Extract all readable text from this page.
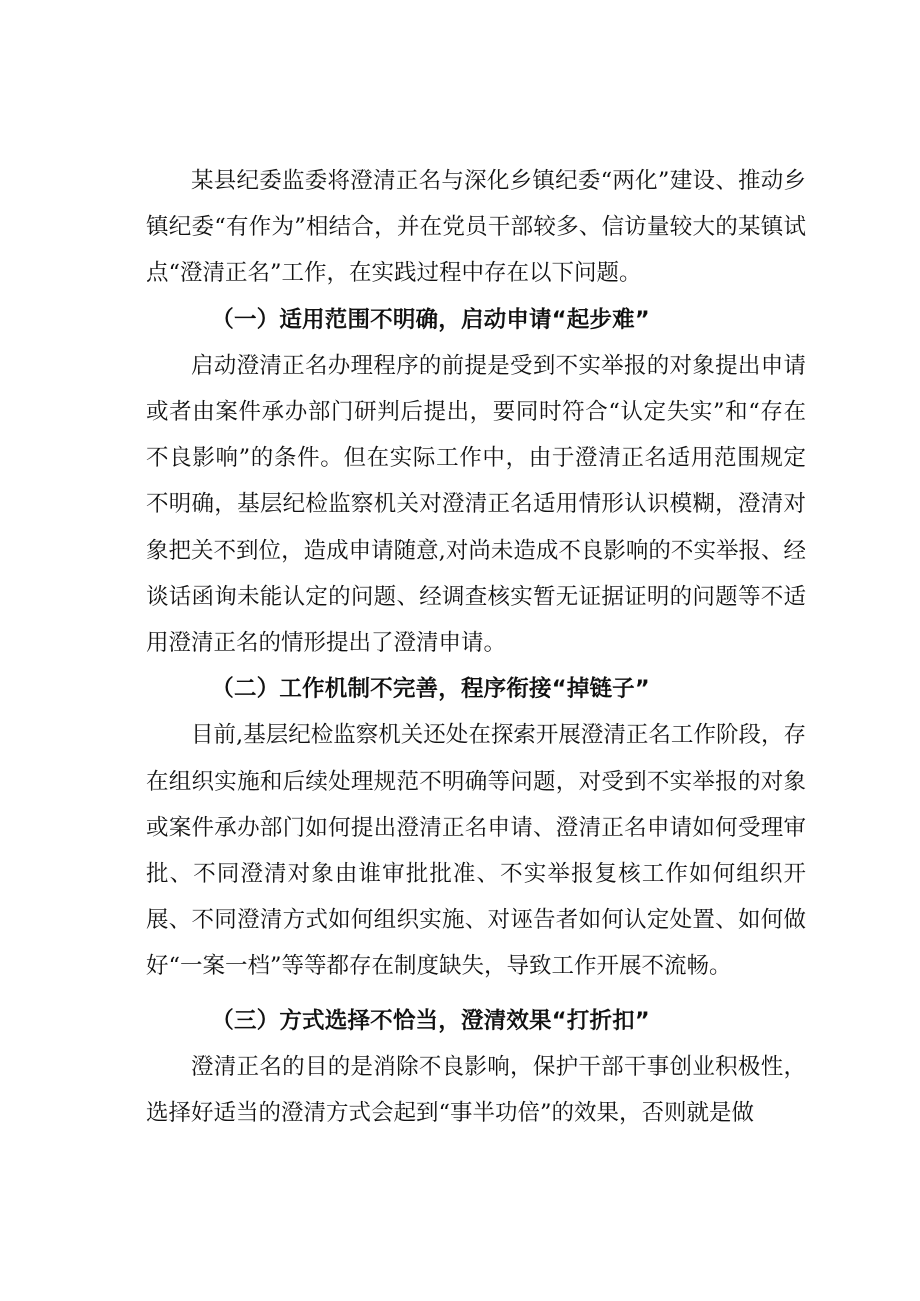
某县纪委监委将澄清正名与深化乡镇纪委“两化”建设、推动乡镇纪委“有作为”相结合，并在党员干部较多、信访量较大的某镇试点“澄清正名”工作，在实践过程中存在以下问题。

（一）适用范围不明确，启动申请“起步难”

启动澄清正名办理程序的前提是受到不实举报的对象提出申请或者由案件承办部门研判后提出，要同时符合“认定失实”和“存在不良影响”的条件。但在实际工作中，由于澄清正名适用范围规定不明确，基层纪检监察机关对澄清正名适用情形认识模糊，澄清对象把关不到位，造成申请随意,对尚未造成不良影响的不实举报、经谈话函询未能认定的问题、经调查核实暂无证据证明的问题等不适用澄清正名的情形提出了澄清申请。

（二）工作机制不完善，程序衔接“掉链子”

目前,基层纪检监察机关还处在探索开展澄清正名工作阶段，存在组织实施和后续处理规范不明确等问题，对受到不实举报的对象或案件承办部门如何提出澄清正名申请、澄清正名申请如何受理审批、不同澄清对象由谁审批批准、不实举报复核工作如何组织开展、不同澄清方式如何组织实施、对诬告者如何认定处置、如何做好“一案一档”等等都存在制度缺失，导致工作开展不流畅。

（三）方式选择不恰当，澄清效果“打折扣”

澄清正名的目的是消除不良影响，保护干部干事创业积极性，选择好适当的澄清方式会起到“事半功倍”的效果，否则就是做
